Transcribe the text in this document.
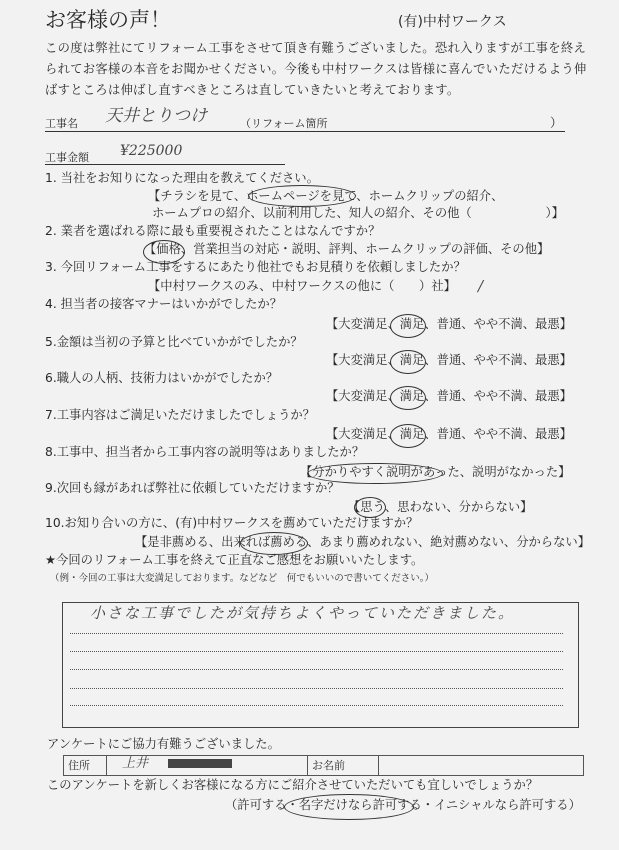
お客様の声！	(有)中村ワークス
この度は弊社にてリフォーム工事をさせて頂き有難うございました。恐れ入りますが工事を終え
られてお客様の本音をお聞かせください。今後も中村ワークスは皆様に喜んでいただけるよう伸
ばすところは伸ばし直すべきところは直していきたいと考えております。
工事名 天井とりつけ	（リフォーム箇所	）
工事金額 ¥225000
1. 当社をお知りになった理由を教えてください。
【チラシを見て、ホームページを見て、ホームクリップの紹介、
ホームプロの紹介、以前利用した、知人の紹介、その他（　　　　　　）】
2. 業者を選ばれる際に最も重要視されたことはなんですか？
【価格、営業担当の対応・説明、評判、ホームクリップの評価、その他】
3. 今回リフォーム工事をするにあたり他社でもお見積りを依頼しましたか？
【中村ワークスのみ、中村ワークスの他に（　　）社】 /
4. 担当者の接客マナーはいかがでしたか？
【大変満足、満足、普通、やや不満、最悪】
5.金額は当初の予算と比べていかがでしたか？
【大変満足、満足、普通、やや不満、最悪】
6.職人の人柄、技術力はいかがでしたか？
【大変満足、満足、普通、やや不満、最悪】
7.工事内容はご満足いただけましたでしょうか？
【大変満足、満足、普通、やや不満、最悪】
8.工事中、担当者から工事内容の説明等はありましたか？
【分かりやすく説明があった、説明がなかった】
9.次回も縁があれば弊社に依頼していただけますか？
【思う、思わない、分からない】
10.お知り合いの方に、(有)中村ワークスを薦めていただけますか？
【是非薦める、出来れば薦める、あまり薦めれない、絶対薦めない、分からない】
★今回のリフォーム工事を終えて正直なご感想をお願いいたします。
（例・今回の工事は大変満足しております。などなど　何でもいいので書いてください。）
小さな工事でしたが気持ちよくやっていただきました。
アンケートにご協力有難うございました。
住所 上井	お名前
このアンケートを新しくお客様になる方にご紹介させていただいても宜しいでしょうか？
（許可する・名字だけなら許可する・イニシャルなら許可する）
